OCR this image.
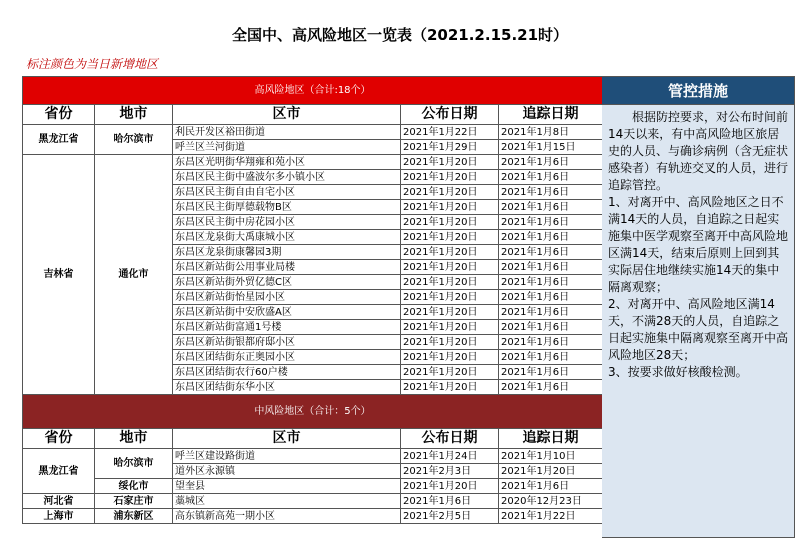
全国中、高风险地区一览表（2021.2.15.21时）
标注颜色为当日新增地区
高风险地区（合计:18个）				
省份	地市	区市	公布日期	追踪日期
黑龙江省	哈尔滨市	利民开发区裕田街道	2021年1月22日	2021年1月8日
		呼兰区兰河街道	2021年1月29日	2021年1月15日
吉林省	通化市	东昌区光明街华翔雍和苑小区	2021年1月20日	2021年1月6日
		东昌区民主街中盛波尔多小镇小区	2021年1月20日	2021年1月6日
		东昌区民主街自由自宅小区	2021年1月20日	2021年1月6日
		东昌区民主街厚德载物B区	2021年1月20日	2021年1月6日
		东昌区民主街中房花园小区	2021年1月20日	2021年1月6日
		东昌区龙泉街大禹康城小区	2021年1月20日	2021年1月6日
		东昌区龙泉街康馨园3期	2021年1月20日	2021年1月6日
		东昌区新站街公用事业局楼	2021年1月20日	2021年1月6日
		东昌区新站街外贸亿德C区	2021年1月20日	2021年1月6日
		东昌区新站街怡星园小区	2021年1月20日	2021年1月6日
		东昌区新站街中安欣盛A区	2021年1月20日	2021年1月6日
		东昌区新站街富通1号楼	2021年1月20日	2021年1月6日
		东昌区新站街银都府邸小区	2021年1月20日	2021年1月6日
		东昌区团结街东正奥园小区	2021年1月20日	2021年1月6日
		东昌区团结街农行60户楼	2021年1月20日	2021年1月6日
		东昌区团结街东华小区	2021年1月20日	2021年1月6日
中风险地区（合计：5个）				
省份	地市	区市	公布日期	追踪日期
黑龙江省	哈尔滨市	呼兰区建设路街道	2021年1月24日	2021年1月10日
		道外区永源镇	2021年2月3日	2021年1月20日
	绥化市	望奎县	2021年1月20日	2021年1月6日
河北省	石家庄市	藁城区	2021年1月6日	2020年12月23日
上海市	浦东新区	高东镇新高苑一期小区	2021年2月5日	2021年1月22日
管控措施

　　根据防控要求，对公布时间前14天以来，有中高风险地区旅居史的人员、与确诊病例（含无症状感染者）有轨迹交叉的人员，进行追踪管控。

1、对离开中、高风险地区之日不满14天的人员，自追踪之日起实施集中医学观察至离开中高风险地区满14天，结束后原则上回到其实际居住地继续实施14天的集中隔离观察；

2、对离开中、高风险地区满14天，不满28天的人员，自追踪之日起实施集中隔离观察至离开中高风险地区28天；

3、按要求做好核酸检测。
